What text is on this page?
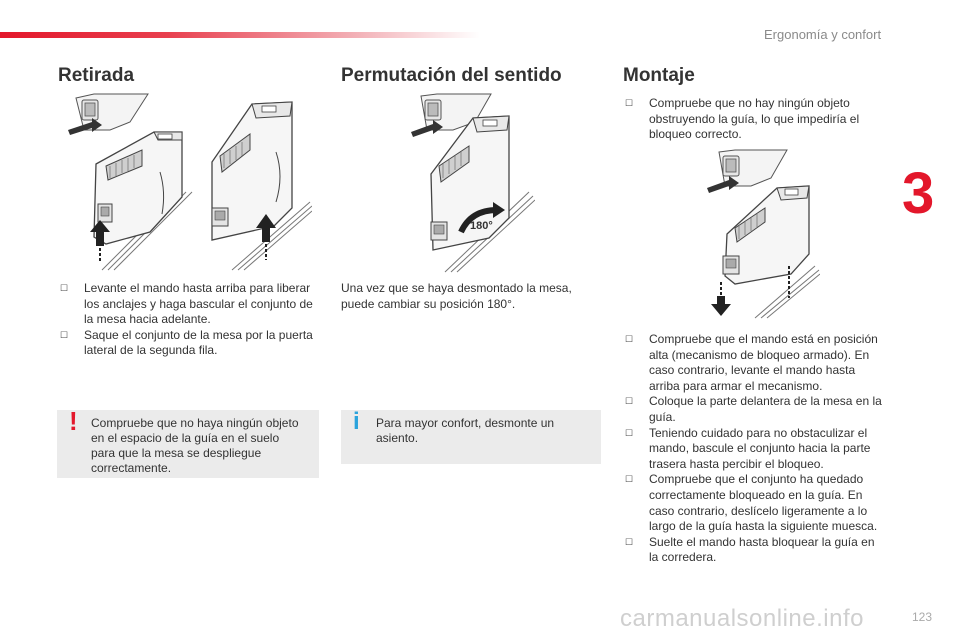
Ergonomía y confort
3
Retirada
☐ Levante el mando hasta arriba para liberar los anclajes y haga bascular el conjunto de la mesa hacia adelante.
☐ Saque el conjunto de la mesa por la puerta lateral de la segunda fila.
! Compruebe que no haya ningún objeto en el espacio de la guía en el suelo para que la mesa se despliegue correctamente.
Permutación del sentido
180°

Una vez que se haya desmontado la mesa, puede cambiar su posición 180°.

i Para mayor confort, desmonte un asiento.
Montaje
☐ Compruebe que no hay ningún objeto obstruyendo la guía, lo que impediría el bloqueo correcto.
☐ Compruebe que el mando está en posición alta (mecanismo de bloqueo armado). En caso contrario, levante el mando hasta arriba para armar el mecanismo.
☐ Coloque la parte delantera de la mesa en la guía.
☐ Teniendo cuidado para no obstaculizar el mando, bascule el conjunto hacia la parte trasera hasta percibir el bloqueo.
☐ Compruebe que el conjunto ha quedado correctamente bloqueado en la guía. En caso contrario, deslícelo ligeramente a lo largo de la guía hasta la siguiente muesca.
☐ Suelte el mando hasta bloquear la guía en la corredera.
carmanualsonline.info	123
